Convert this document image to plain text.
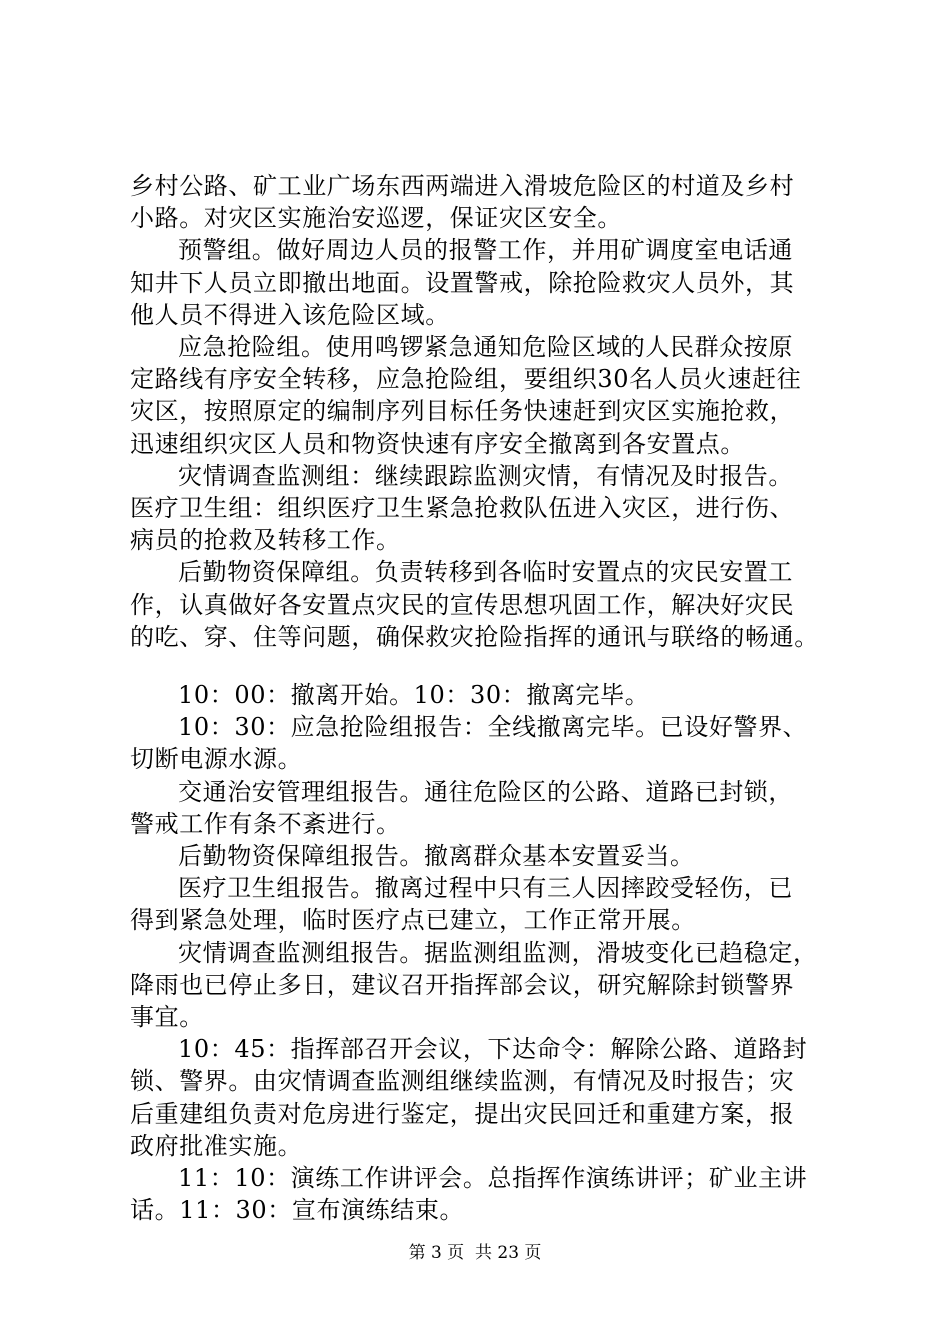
乡村公路、矿工业广场东西两端进入滑坡危险区的村道及乡村

小路。对灾区实施治安巡逻，保证灾区安全。

预警组。做好周边人员的报警工作，并用矿调度室电话通

知井下人员立即撤出地面。设置警戒，除抢险救灾人员外，其

他人员不得进入该危险区域。

应急抢险组。使用鸣锣紧急通知危险区域的人民群众按原

定路线有序安全转移，应急抢险组，要组织30名人员火速赶往

灾区，按照原定的编制序列目标任务快速赶到灾区实施抢救，

迅速组织灾区人员和物资快速有序安全撤离到各安置点。

灾情调查监测组：继续跟踪监测灾情，有情况及时报告。

医疗卫生组：组织医疗卫生紧急抢救队伍进入灾区，进行伤、

病员的抢救及转移工作。

后勤物资保障组。负责转移到各临时安置点的灾民安置工

作，认真做好各安置点灾民的宣传思想巩固工作，解决好灾民

的吃、穿、住等问题，确保救灾抢险指挥的通讯与联络的畅通。

10：00：撤离开始。10：30：撤离完毕。

10：30：应急抢险组报告：全线撤离完毕。已设好警界、

切断电源水源。

交通治安管理组报告。通往危险区的公路、道路已封锁，

警戒工作有条不紊进行。

后勤物资保障组报告。撤离群众基本安置妥当。

医疗卫生组报告。撤离过程中只有三人因摔跤受轻伤，已

得到紧急处理，临时医疗点已建立，工作正常开展。

灾情调查监测组报告。据监测组监测，滑坡变化已趋稳定，

降雨也已停止多日，建议召开指挥部会议，研究解除封锁警界

事宜。

10：45：指挥部召开会议，下达命令：解除公路、道路封

锁、警界。由灾情调查监测组继续监测，有情况及时报告；灾

后重建组负责对危房进行鉴定，提出灾民回迁和重建方案，报

政府批准实施。

11：10：演练工作讲评会。总指挥作演练讲评；矿业主讲

话。11：30：宣布演练结束。

第 3 页  共 23 页
